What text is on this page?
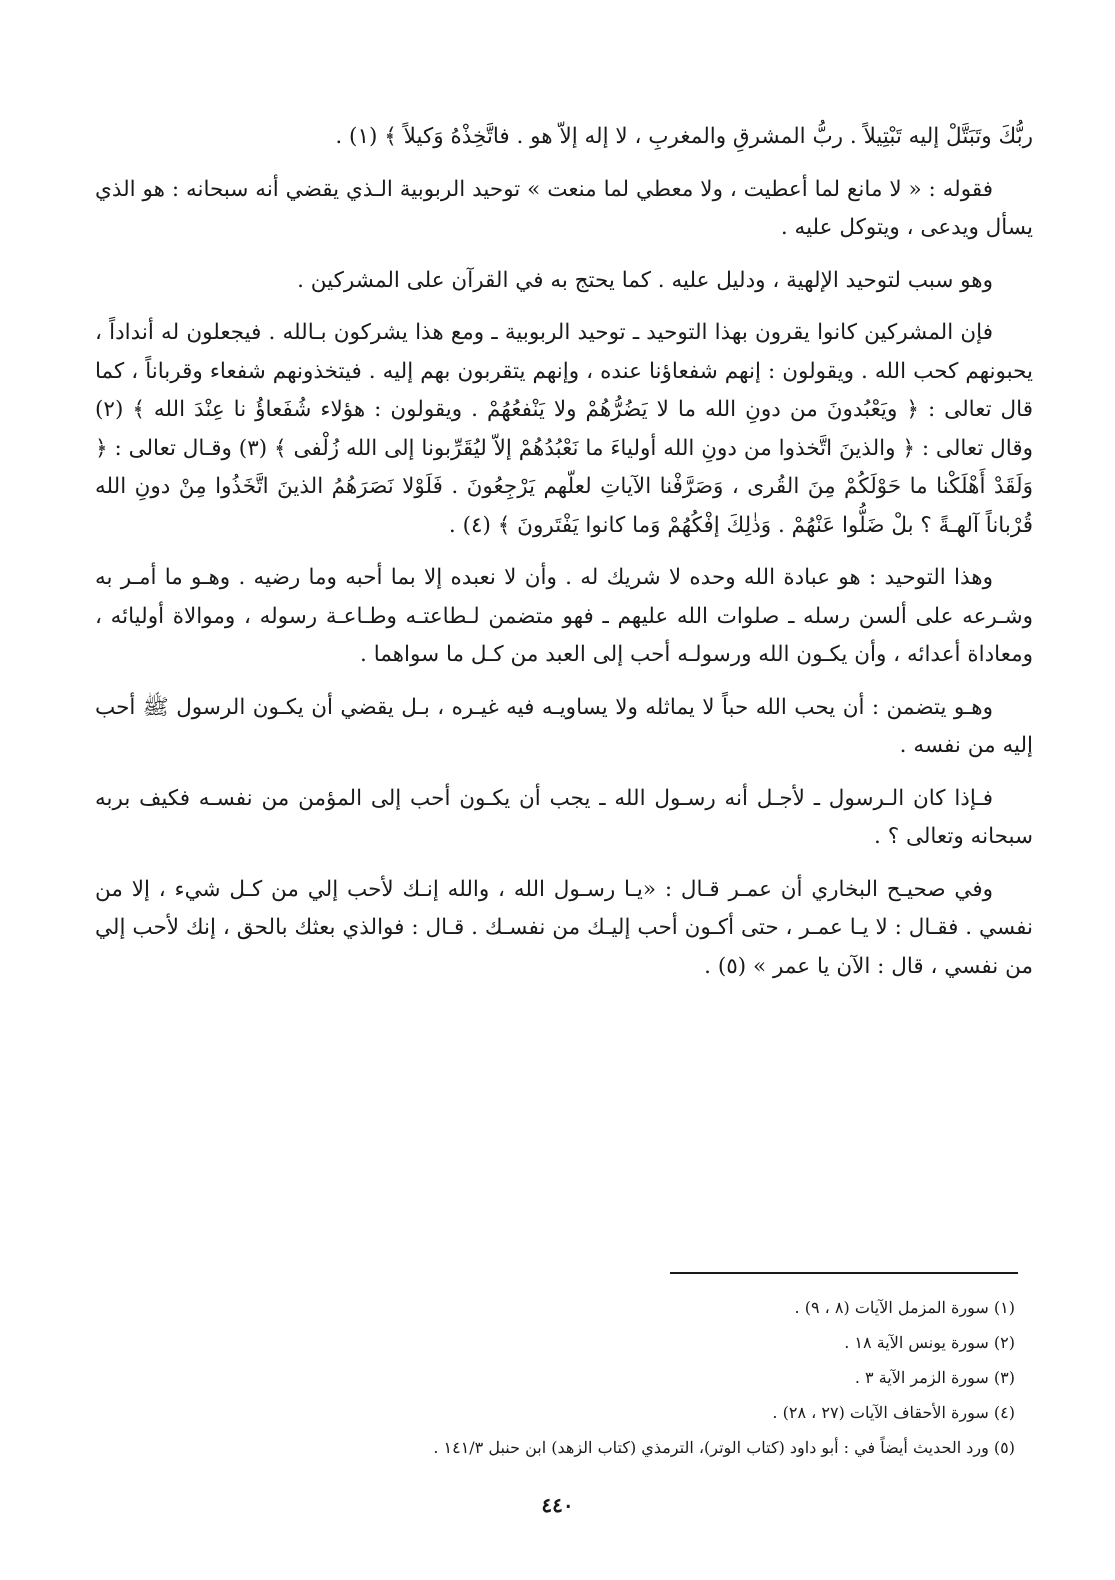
ربُّكَ وتَبَتَّلْ إليه تَبْتِيلاً . ربُّ المشرقِ والمغربِ ، لا إله إلاّ هو . فاتَّخِذْهُ وَكيلاً ﴾ (١) .

فقوله : « لا مانع لما أعطيت ، ولا معطي لما منعت » توحيد الربوبية الـذي يقضي أنه سبحانه : هو الذي يسأل ويدعى ، ويتوكل عليه .

وهو سبب لتوحيد الإلهية ، ودليل عليه . كما يحتج به في القرآن على المشركين .

فإن المشركين كانوا يقرون بهذا التوحيد ـ توحيد الربوبية ـ ومع هذا يشركون بـالله . فيجعلون له أنداداً ، يحبونهم كحب الله . ويقولون : إنهم شفعاؤنا عنده ، وإنهم يتقربون بهم إليه . فيتخذونهم شفعاء وقرباناً ، كما قال تعالى : ﴿ ويَعْبُدونَ من دونِ الله ما لا يَضُرُّهُمْ ولا يَنْفعُهُمْ . ويقولون : هؤلاء شُفَعاؤُ نا عِنْدَ الله ﴾ (٢) وقال تعالى : ﴿ والذينَ اتَّخذوا من دونِ الله أولياءَ ما نَعْبُدُهُمْ إلاّ ليُقَرِّبونا إلى الله زُلْفى ﴾ (٣) وقـال تعالى : ﴿ وَلَقَدْ أَهْلَكْنا ما حَوْلَكُمْ مِنَ القُرى ، وَصَرَّفْنا الآياتِ لعلّهم يَرْجِعُونَ . فَلَوْلا نَصَرَهُمُ الذينَ اتَّخَذُوا مِنْ دونِ الله قُرْباناً آلهـةً ؟ بلْ ضَلُّوا عَنْهُمْ . وَذٰلِكَ إفْكُهُمْ وَما كانوا يَفْتَرونَ ﴾ (٤) .

وهذا التوحيد : هو عبادة الله وحده لا شريك له . وأن لا نعبده إلا بما أحبه وما رضيه . وهـو ما أمـر به وشـرعه على ألسن رسله ـ صلوات الله عليهم ـ فهو متضمن لـطاعتـه وطـاعـة رسوله ، وموالاة أوليائه ، ومعاداة أعدائه ، وأن يكـون الله ورسولـه أحب إلى العبد من كـل ما سواهما .

وهـو يتضمن : أن يحب الله حباً لا يماثله ولا يساويـه فيه غيـره ، بـل يقضي أن يكـون الرسول ﷺ أحب إليه من نفسه .

فـإذا كان الـرسول ـ لأجـل أنه رسـول الله ـ يجب أن يكـون أحب إلى المؤمن من نفسـه فكيف بربه سبحانه وتعالى ؟ .

وفي صحيـح البخاري أن عمـر قـال : «يـا رسـول الله ، والله إنـك لأحب إلي من كـل شيء ، إلا من نفسي . فقـال : لا يـا عمـر ، حتى أكـون أحب إليـك من نفسـك . قـال : فوالذي بعثك بالحق ، إنك لأحب إلي من نفسي ، قال : الآن يا عمر » (٥) .

(١) سورة المزمل الآيات (٨ ، ٩) .
(٢) سورة يونس الآية ١٨ .
(٣) سورة الزمر الآية ٣ .
(٤) سورة الأحقاف الآيات (٢٧ ، ٢٨) .
(٥) ورد الحديث أيضاً في : أبو داود (كتاب الوتر)، الترمذي (كتاب الزهد) ابن حنبل ١٤١/٣ .
٤٤٠
